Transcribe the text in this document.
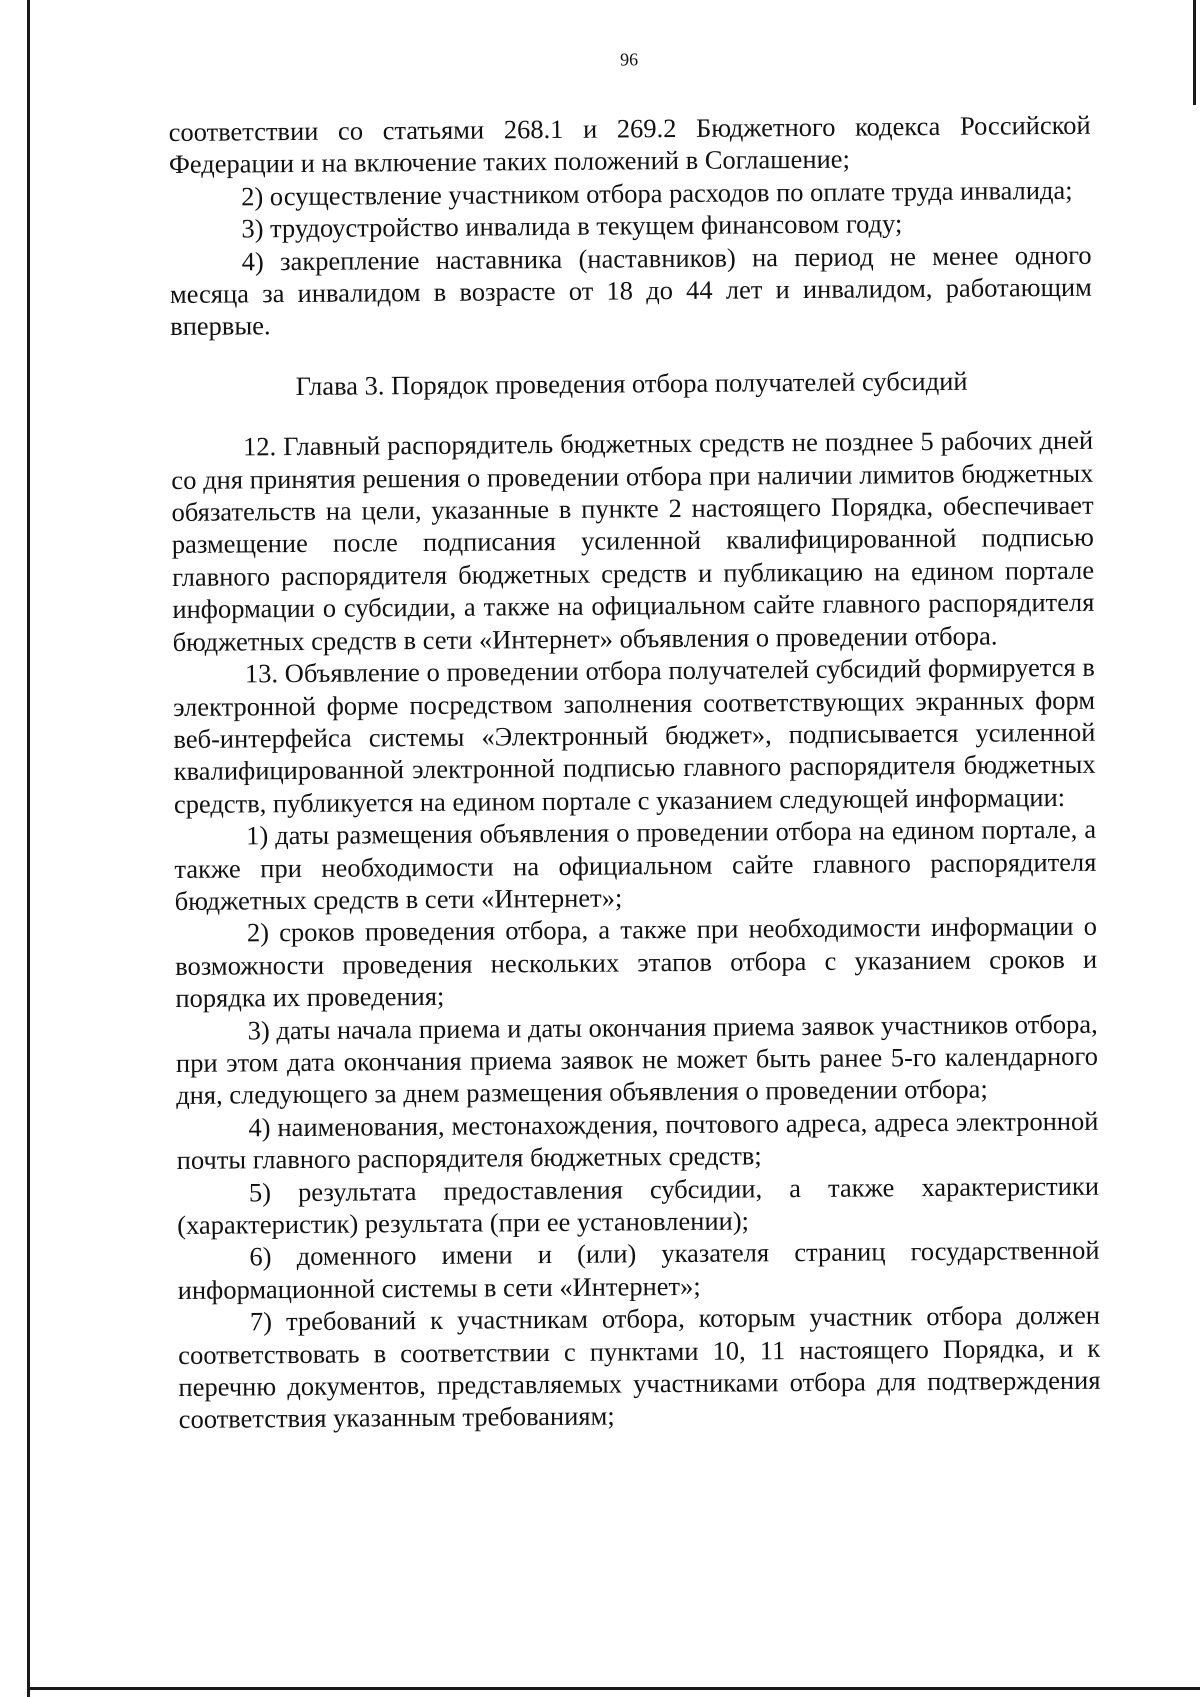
96

соответствии со статьями 268.1 и 269.2 Бюджетного кодекса Российской Федерации и на включение таких положений в Соглашение;

2) осуществление участником отбора расходов по оплате труда инвалида;

3) трудоустройство инвалида в текущем финансовом году;

4) закрепление наставника (наставников) на период не менее одного месяца за инвалидом в возрасте от 18 до 44 лет и инвалидом, работающим впервые.

Глава 3. Порядок проведения отбора получателей субсидий

12. Главный распорядитель бюджетных средств не позднее 5 рабочих дней со дня принятия решения о проведении отбора при наличии лимитов бюджетных обязательств на цели, указанные в пункте 2 настоящего Порядка, обеспечивает размещение после подписания усиленной квалифицированной подписью главного распорядителя бюджетных средств и публикацию на едином портале информации о субсидии, а также на официальном сайте главного распорядителя бюджетных средств в сети «Интернет» объявления о проведении отбора.

13. Объявление о проведении отбора получателей субсидий формируется в электронной форме посредством заполнения соответствующих экранных форм веб-интерфейса системы «Электронный бюджет», подписывается усиленной квалифицированной электронной подписью главного распорядителя бюджетных средств, публикуется на едином портале с указанием следующей информации:

1) даты размещения объявления о проведении отбора на едином портале, а также при необходимости на официальном сайте главного распорядителя бюджетных средств в сети «Интернет»;

2) сроков проведения отбора, а также при необходимости информации о возможности проведения нескольких этапов отбора с указанием сроков и порядка их проведения;

3) даты начала приема и даты окончания приема заявок участников отбора, при этом дата окончания приема заявок не может быть ранее 5-го календарного дня, следующего за днем размещения объявления о проведении отбора;

4) наименования, местонахождения, почтового адреса, адреса электронной почты главного распорядителя бюджетных средств;

5) результата предоставления субсидии, а также характеристики (характеристик) результата (при ее установлении);

6) доменного имени и (или) указателя страниц государственной информационной системы в сети «Интернет»;

7) требований к участникам отбора, которым участник отбора должен соответствовать в соответствии с пунктами 10, 11 настоящего Порядка, и к перечню документов, представляемых участниками отбора для подтверждения соответствия указанным требованиям;
